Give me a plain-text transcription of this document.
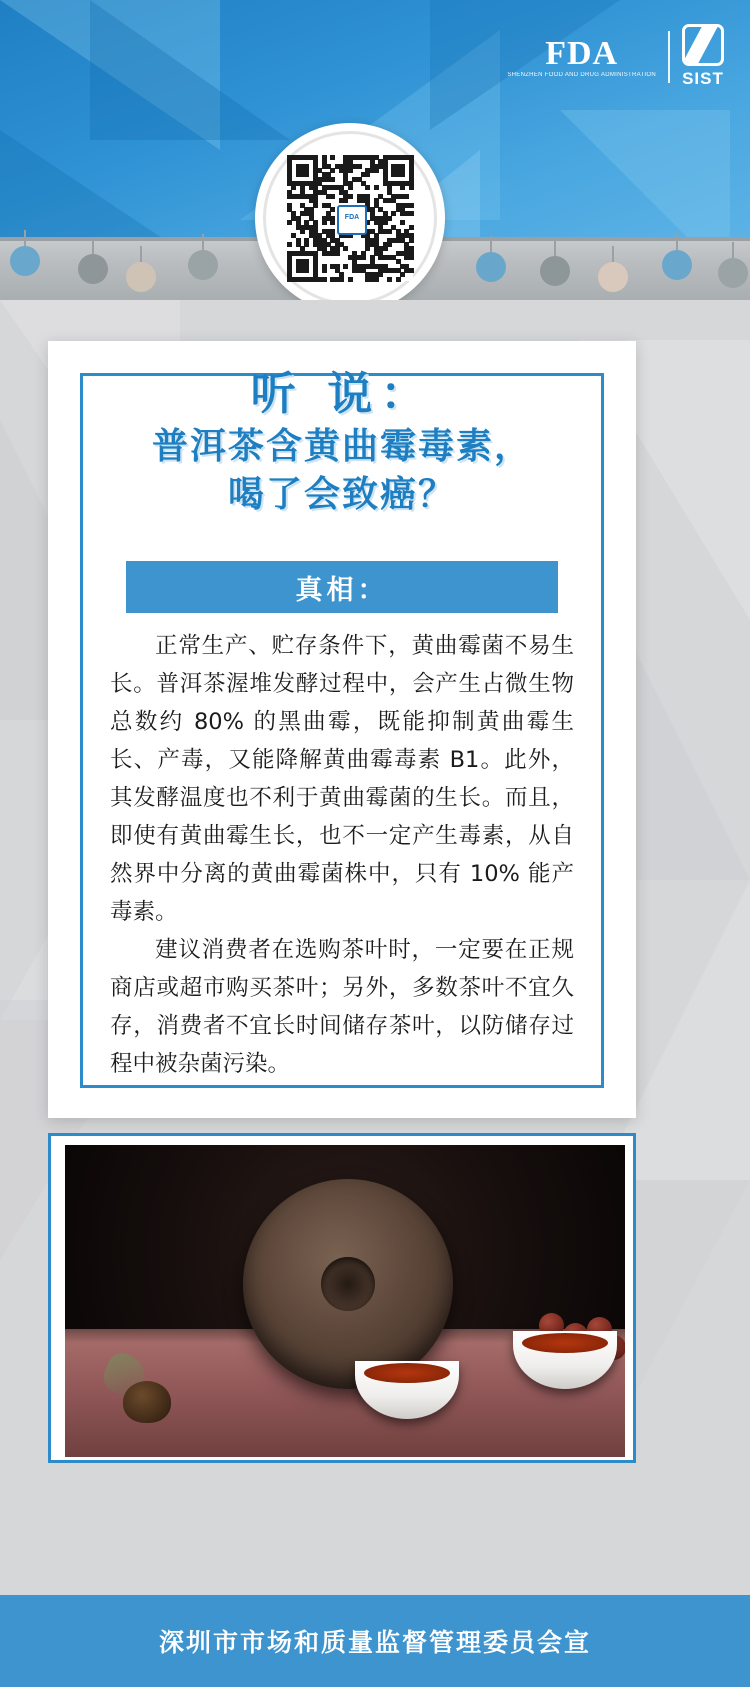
FDA
SHENZHEN FOOD AND DRUG ADMINISTRATION SIST
FDA
听 说：
普洱茶含黄曲霉毒素，
喝了会致癌？
真相：

正常生产、贮存条件下，黄曲霉菌不易生长。普洱茶渥堆发酵过程中，会产生占微生物总数约 80% 的黑曲霉，既能抑制黄曲霉生长、产毒，又能降解黄曲霉毒素 B1。此外，其发酵温度也不利于黄曲霉菌的生长。而且，即使有黄曲霉生长，也不一定产生毒素，从自然界中分离的黄曲霉菌株中，只有 10% 能产毒素。

建议消费者在选购茶叶时，一定要在正规商店或超市购买茶叶；另外，多数茶叶不宜久存，消费者不宜长时间储存茶叶，以防储存过程中被杂菌污染。

深圳市市场和质量监督管理委员会宣
